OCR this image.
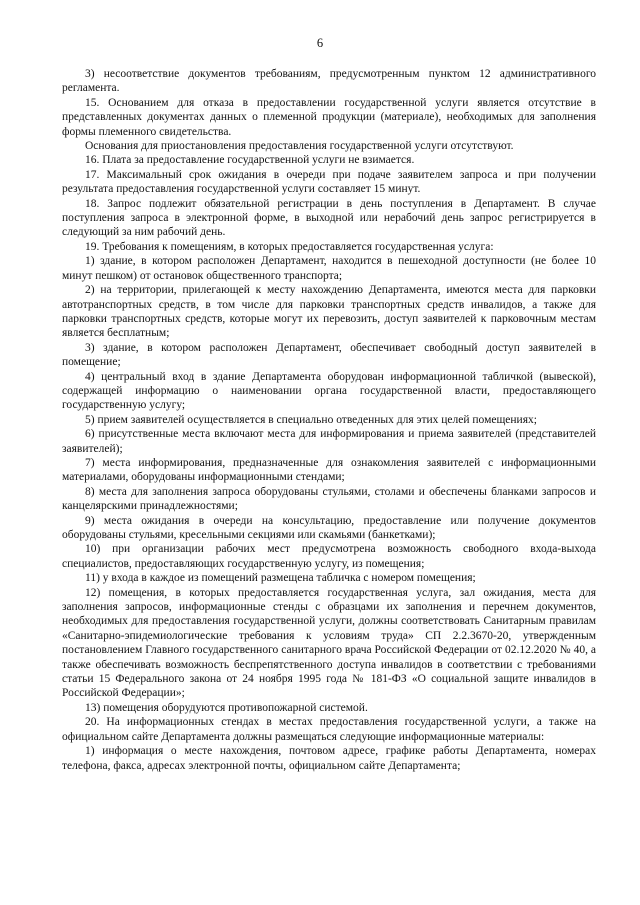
6

3) несоответствие документов требованиям, предусмотренным пунктом 12 административного регламента.

15. Основанием для отказа в предоставлении государственной услуги является отсутствие в представленных документах данных о племенной продукции (материале), необходимых для заполнения формы племенного свидетельства.

Основания для приостановления предоставления государственной услуги отсутствуют.

16. Плата за предоставление государственной услуги не взимается.

17. Максимальный срок ожидания в очереди при подаче заявителем запроса и при получении результата предоставления государственной услуги составляет 15 минут.

18. Запрос подлежит обязательной регистрации в день поступления в Департамент. В случае поступления запроса в электронной форме, в выходной или нерабочий день запрос регистрируется в следующий за ним рабочий день.

19. Требования к помещениям, в которых предоставляется государственная услуга:

1) здание, в котором расположен Департамент, находится в пешеходной доступности (не более 10 минут пешком) от остановок общественного транспорта;

2) на территории, прилегающей к месту нахождению Департамента, имеются места для парковки автотранспортных средств, в том числе для парковки транспортных средств инвалидов, а также для парковки транспортных средств, которые могут их перевозить, доступ заявителей к парковочным местам является бесплатным;

3) здание, в котором расположен Департамент, обеспечивает свободный доступ заявителей в помещение;

4) центральный вход в здание Департамента оборудован информационной табличкой (вывеской), содержащей информацию о наименовании органа государственной власти, предоставляющего государственную услугу;

5) прием заявителей осуществляется в специально отведенных для этих целей помещениях;

6) присутственные места включают места для информирования и приема заявителей (представителей заявителей);

7) места информирования, предназначенные для ознакомления заявителей с информационными материалами, оборудованы информационными стендами;

8) места для заполнения запроса оборудованы стульями, столами и обеспечены бланками запросов и канцелярскими принадлежностями;

9) места ожидания в очереди на консультацию, предоставление или получение документов оборудованы стульями, кресельными секциями или скамьями (банкетками);

10) при организации рабочих мест предусмотрена возможность свободного входа-выхода специалистов, предоставляющих государственную услугу, из помещения;

11) у входа в каждое из помещений размещена табличка с номером помещения;

12) помещения, в которых предоставляется государственная услуга, зал ожидания, места для заполнения запросов, информационные стенды с образцами их заполнения и перечнем документов, необходимых для предоставления государственной услуги, должны соответствовать Санитарным правилам «Санитарно-эпидемиологические требования к условиям труда» СП 2.2.3670-20, утвержденным постановлением Главного государственного санитарного врача Российской Федерации от 02.12.2020 № 40, а также обеспечивать возможность беспрепятственного доступа инвалидов в соответствии с требованиями статьи 15 Федерального закона от 24 ноября 1995 года № 181-ФЗ «О социальной защите инвалидов в Российской Федерации»;

13) помещения оборудуются противопожарной системой.

20. На информационных стендах в местах предоставления государственной услуги, а также на официальном сайте Департамента должны размещаться следующие информационные материалы:

1) информация о месте нахождения, почтовом адресе, графике работы Департамента, номерах телефона, факса, адресах электронной почты, официальном сайте Департамента;
